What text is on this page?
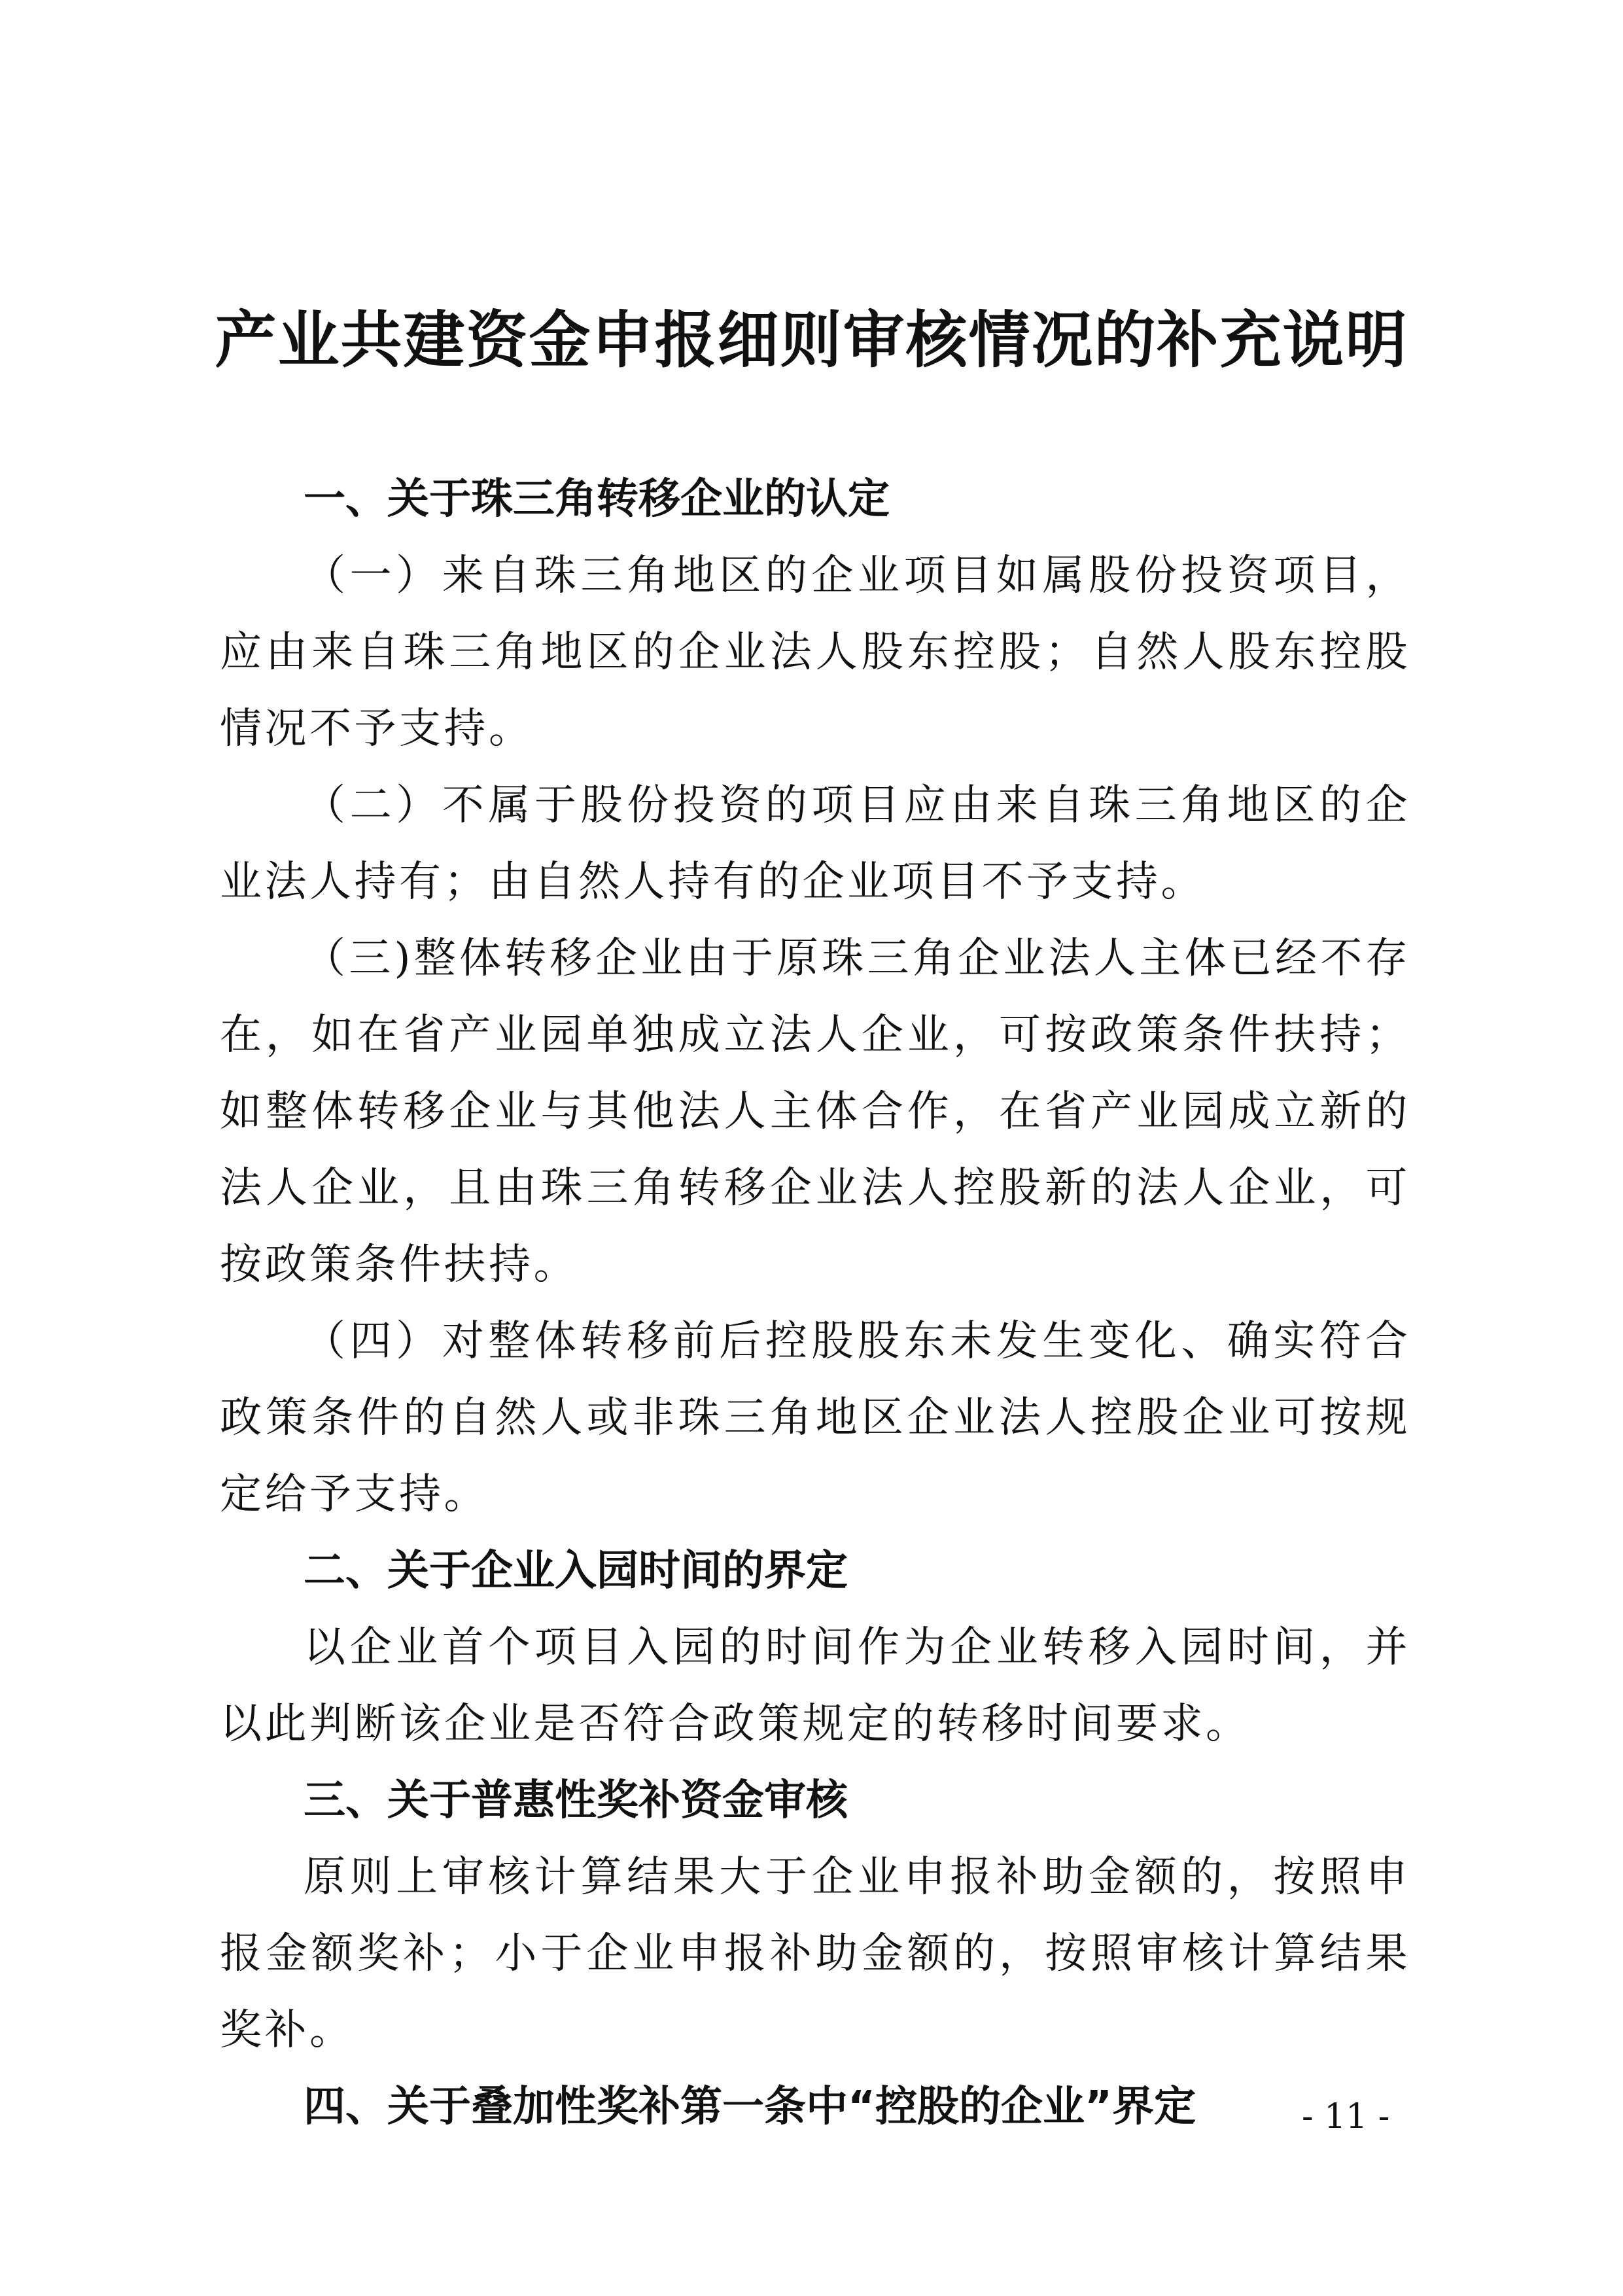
产业共建资金申报细则审核情况的补充说明

一、关于珠三角转移企业的认定

（一）来自珠三角地区的企业项目如属股份投资项目，应由来自珠三角地区的企业法人股东控股；自然人股东控股情况不予支持。

（二）不属于股份投资的项目应由来自珠三角地区的企业法人持有；由自然人持有的企业项目不予支持。

（三)整体转移企业由于原珠三角企业法人主体已经不存在，如在省产业园单独成立法人企业，可按政策条件扶持；如整体转移企业与其他法人主体合作，在省产业园成立新的法人企业，且由珠三角转移企业法人控股新的法人企业，可按政策条件扶持。

（四）对整体转移前后控股股东未发生变化、确实符合政策条件的自然人或非珠三角地区企业法人控股企业可按规定给予支持。

二、关于企业入园时间的界定

以企业首个项目入园的时间作为企业转移入园时间，并以此判断该企业是否符合政策规定的转移时间要求。

三、关于普惠性奖补资金审核

原则上审核计算结果大于企业申报补助金额的，按照申报金额奖补；小于企业申报补助金额的，按照审核计算结果奖补。

四、关于叠加性奖补第一条中“控股的企业”界定	- 11 -
